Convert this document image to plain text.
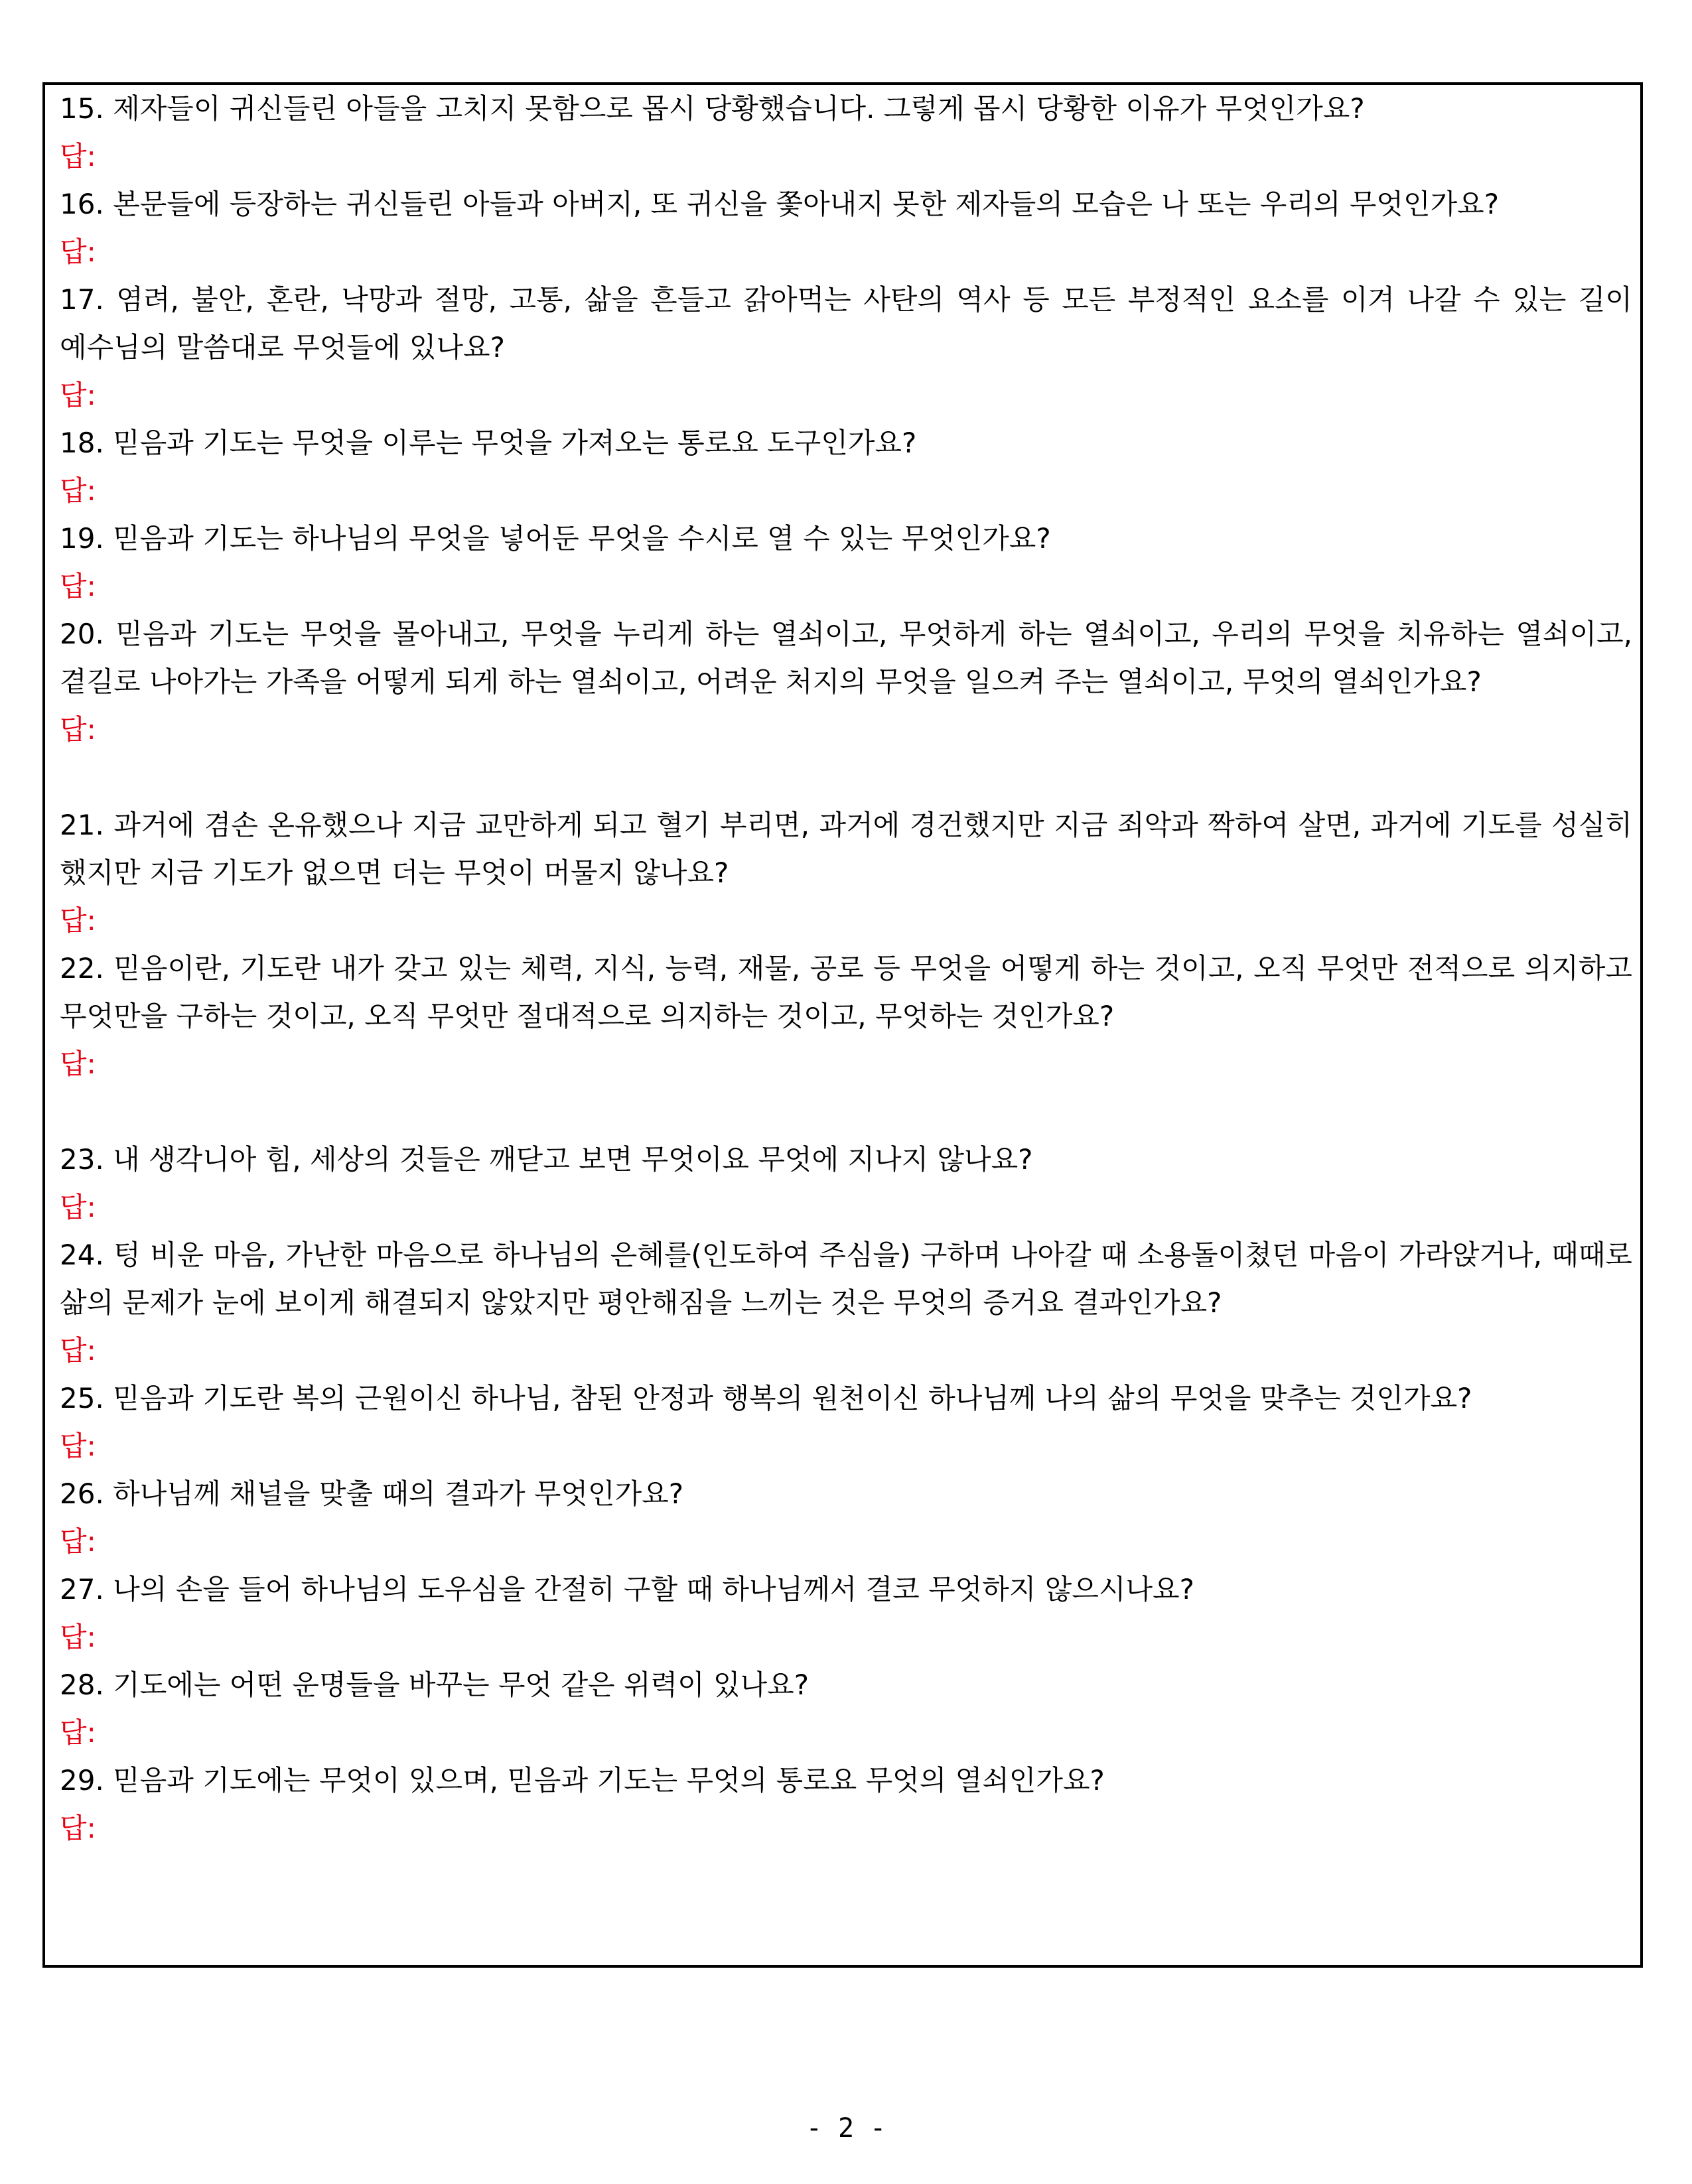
15. 제자들이 귀신들린 아들을 고치지 못함으로 몹시 당황했습니다. 그렇게 몹시 당황한 이유가 무엇인가요?

답:

16. 본문들에 등장하는 귀신들린 아들과 아버지, 또 귀신을 쫓아내지 못한 제자들의 모습은 나 또는 우리의 무엇인가요?

답:

17. 염려, 불안, 혼란, 낙망과 절망, 고통, 삶을 흔들고 갉아먹는 사탄의 역사 등 모든 부정적인 요소를 이겨 나갈 수 있는 길이 예수님의 말씀대로 무엇들에 있나요?

답:

18. 믿음과 기도는 무엇을 이루는 무엇을 가져오는 통로요 도구인가요?

답:

19. 믿음과 기도는 하나님의 무엇을 넣어둔 무엇을 수시로 열 수 있는 무엇인가요?

답:

20. 믿음과 기도는 무엇을 몰아내고, 무엇을 누리게 하는 열쇠이고, 무엇하게 하는 열쇠이고, 우리의 무엇을 치유하는 열쇠이고, 곁길로 나아가는 가족을 어떻게 되게 하는 열쇠이고, 어려운 처지의 무엇을 일으켜 주는 열쇠이고, 무엇의 열쇠인가요?

답:

21. 과거에 겸손 온유했으나 지금 교만하게 되고 혈기 부리면, 과거에 경건했지만 지금 죄악과 짝하여 살면, 과거에 기도를 성실히 했지만 지금 기도가 없으면 더는 무엇이 머물지 않나요?

답:

22. 믿음이란, 기도란 내가 갖고 있는 체력, 지식, 능력, 재물, 공로 등 무엇을 어떻게 하는 것이고, 오직 무엇만 전적으로 의지하고 무엇만을 구하는 것이고, 오직 무엇만 절대적으로 의지하는 것이고, 무엇하는 것인가요?

답:

23. 내 생각니아 힘, 세상의 것들은 깨닫고 보면 무엇이요 무엇에 지나지 않나요?

답:

24. 텅 비운 마음, 가난한 마음으로 하나님의 은혜를(인도하여 주심을) 구하며 나아갈 때 소용돌이쳤던 마음이 가라앉거나, 때때로 삶의 문제가 눈에 보이게 해결되지 않았지만 평안해짐을 느끼는 것은 무엇의 증거요 결과인가요?

답:

25. 믿음과 기도란 복의 근원이신 하나님, 참된 안정과 행복의 원천이신 하나님께 나의 삶의 무엇을 맞추는 것인가요?

답:

26. 하나님께 채널을 맞출 때의 결과가 무엇인가요?

답:

27. 나의 손을 들어 하나님의 도우심을 간절히 구할 때 하나님께서 결코 무엇하지 않으시나요?

답:

28. 기도에는 어떤 운명들을 바꾸는 무엇 같은 위력이 있나요?

답:

29. 믿음과 기도에는 무엇이 있으며, 믿음과 기도는 무엇의 통로요 무엇의 열쇠인가요?

답:

- 2 -
